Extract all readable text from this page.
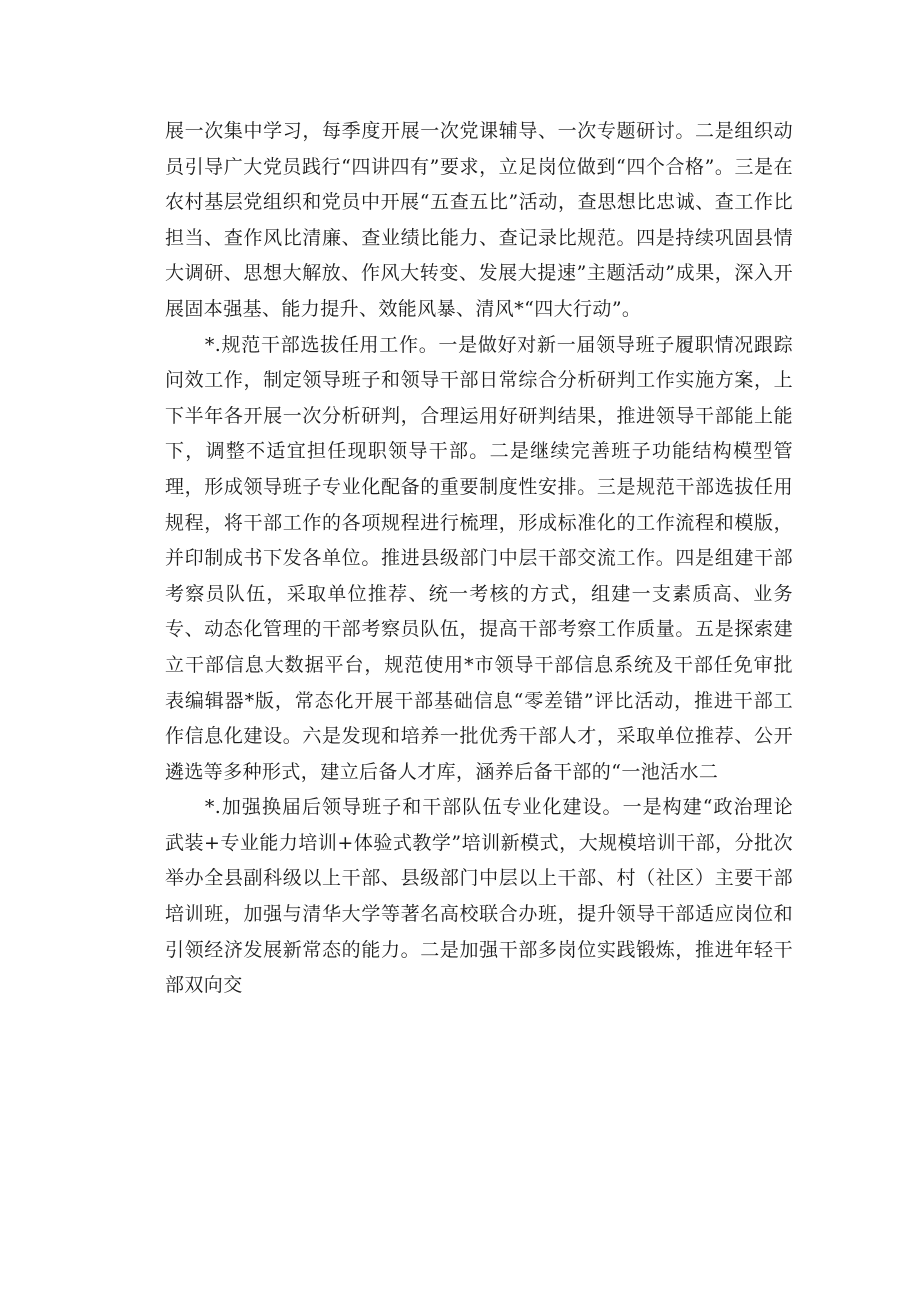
展一次集中学习，每季度开展一次党课辅导、一次专题研讨。二是组织动员引导广大党员践行“四讲四有”要求，立足岗位做到“四个合格”。三是在农村基层党组织和党员中开展“五查五比”活动，查思想比忠诚、查工作比担当、查作风比清廉、查业绩比能力、查记录比规范。四是持续巩固县情大调研、思想大解放、作风大转变、发展大提速”主题活动”成果，深入开展固本强基、能力提升、效能风暴、清风*“四大行动”。

*.规范干部选拔任用工作。一是做好对新一届领导班子履职情况跟踪问效工作，制定领导班子和领导干部日常综合分析研判工作实施方案，上下半年各开展一次分析研判，合理运用好研判结果，推进领导干部能上能下，调整不适宜担任现职领导干部。二是继续完善班子功能结构模型管理，形成领导班子专业化配备的重要制度性安排。三是规范干部选拔任用规程，将干部工作的各项规程进行梳理，形成标准化的工作流程和模版，并印制成书下发各单位。推进县级部门中层干部交流工作。四是组建干部考察员队伍，采取单位推荐、统一考核的方式，组建一支素质高、业务专、动态化管理的干部考察员队伍，提高干部考察工作质量。五是探索建立干部信息大数据平台，规范使用*市领导干部信息系统及干部任免审批表编辑器*版，常态化开展干部基础信息“零差错”评比活动，推进干部工作信息化建设。六是发现和培养一批优秀干部人才，采取单位推荐、公开遴选等多种形式，建立后备人才库，涵养后备干部的“一池活水二

*.加强换届后领导班子和干部队伍专业化建设。一是构建“政治理论武装+专业能力培训+体验式教学”培训新模式，大规模培训干部，分批次举办全县副科级以上干部、县级部门中层以上干部、村（社区）主要干部培训班，加强与清华大学等著名高校联合办班，提升领导干部适应岗位和引领经济发展新常态的能力。二是加强干部多岗位实践锻炼，推进年轻干部双向交
